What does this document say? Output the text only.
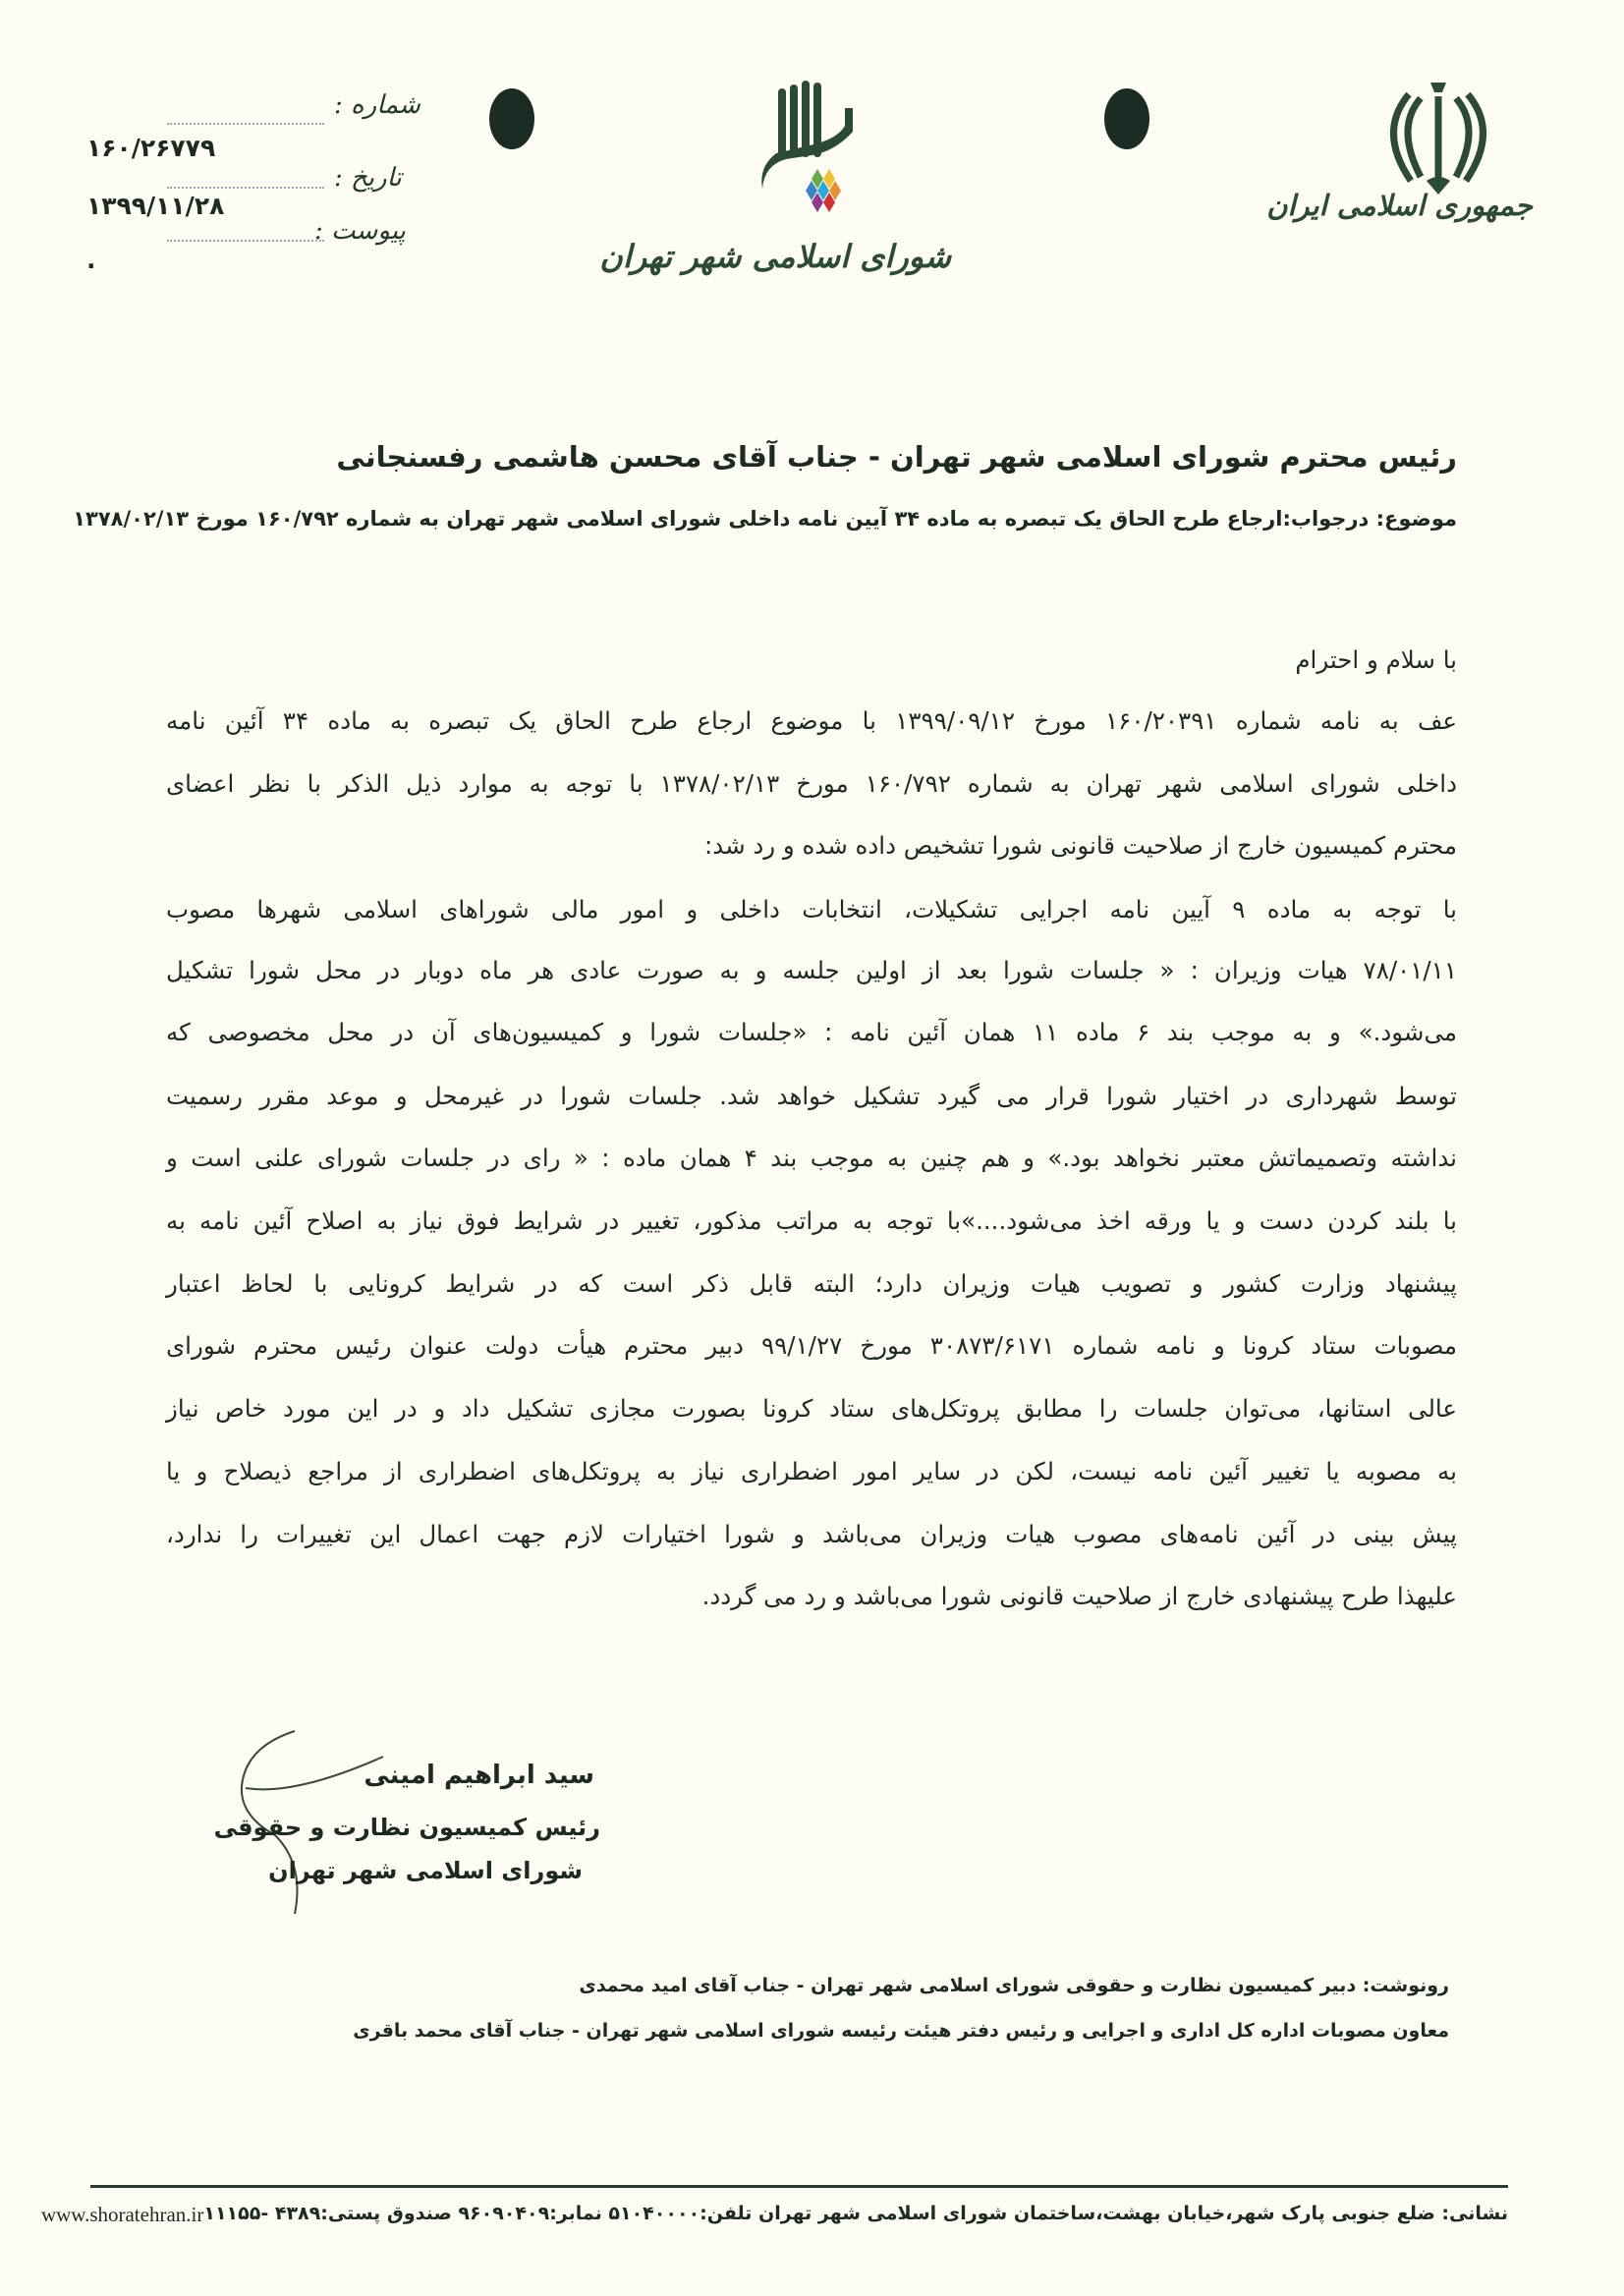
شماره :
۱۶۰/۲۶۷۷۹
تاریخ :
۱۳۹۹/۱۱/۲۸
پیوست :
.	شورای اسلامی شهر تهران
جمهوری اسلامی ایران
رئیس محترم شورای اسلامی شهر تهران - جناب آقای محسن هاشمی رفسنجانی
موضوع: درجواب:ارجاع طرح الحاق یک تبصره به ماده ۳۴ آیین نامه داخلی شورای اسلامی شهر تهران به شماره ۱۶۰/۷۹۲ مورخ ۱۳۷۸/۰۲/۱۳
با سلام و احترام
عف به نامه شماره ۱۶۰/۲۰۳۹۱ مورخ ۱۳۹۹/۰۹/۱۲ با موضوع ارجاع طرح الحاق یک تبصره به ماده ۳۴ آئین نامه
داخلی شورای اسلامی شهر تهران به شماره ۱۶۰/۷۹۲ مورخ ۱۳۷۸/۰۲/۱۳ با توجه به موارد ذیل الذکر با نظر اعضای
محترم کمیسیون خارج از صلاحیت قانونی شورا تشخیص داده شده و رد شد:
با توجه به ماده ۹ آیین نامه اجرایی تشکیلات، انتخابات داخلی و امور مالی شوراهای اسلامی شهرها مصوب
۷۸/۰۱/۱۱ هیات وزیران : « جلسات شورا بعد از اولین جلسه و به صورت عادی هر ماه دوبار در محل شورا تشکیل
می‌شود.» و به موجب بند ۶ ماده ۱۱ همان آئین نامه : «جلسات شورا و کمیسیون‌های آن در محل مخصوصی که
توسط شهرداری در اختیار شورا قرار می گیرد تشکیل خواهد شد. جلسات شورا در غیرمحل و موعد مقرر رسمیت
نداشته وتصمیماتش معتبر نخواهد بود.» و هم چنین به موجب بند ۴ همان ماده : « رای در جلسات شورای علنی است و
با بلند کردن دست و یا ورقه اخذ می‌شود....»با توجه به مراتب مذکور، تغییر در شرایط فوق نیاز به اصلاح آئین نامه به
پیشنهاد وزارت کشور و تصویب هیات وزیران دارد؛ البته قابل ذکر است که در شرایط کرونایی با لحاظ اعتبار
مصوبات ستاد کرونا و نامه شماره ۳۰۸۷۳/۶۱۷۱ مورخ ۹۹/۱/۲۷ دبیر محترم هیأت دولت عنوان رئیس محترم شورای
عالی استانها، می‌توان جلسات را مطابق پروتکل‌های ستاد کرونا بصورت مجازی تشکیل داد و در این مورد خاص نیاز
به مصوبه یا تغییر آئین نامه نیست، لکن در سایر امور اضطراری نیاز به پروتکل‌های اضطراری از مراجع ذیصلاح و یا
پیش بینی در آئین نامه‌های مصوب هیات وزیران می‌باشد و شورا اختیارات لازم جهت اعمال این تغییرات را ندارد،
علیهذا طرح پیشنهادی خارج از صلاحیت قانونی شورا می‌باشد و رد می گردد.
سید ابراهیم امینی
رئیس کمیسیون نظارت و حقوقی
شورای اسلامی شهر تهران
رونوشت: دبیر کمیسیون نظارت و حقوقی شورای اسلامی شهر تهران - جناب آقای امید محمدی
معاون مصوبات اداره کل اداری و اجرایی و رئیس دفتر هیئت رئیسه شورای اسلامی شهر تهران - جناب آقای محمد باقری
نشانی: ضلع جنوبی پارک شهر،خیابان بهشت،ساختمان شورای اسلامی شهر تهران تلفن:۵۱۰۴۰۰۰۰ نمابر:۹۶۰۹۰۴۰۹ صندوق پستی:۴۳۸۹ -۱۱۱۵۵
www.shoratehran.ir
